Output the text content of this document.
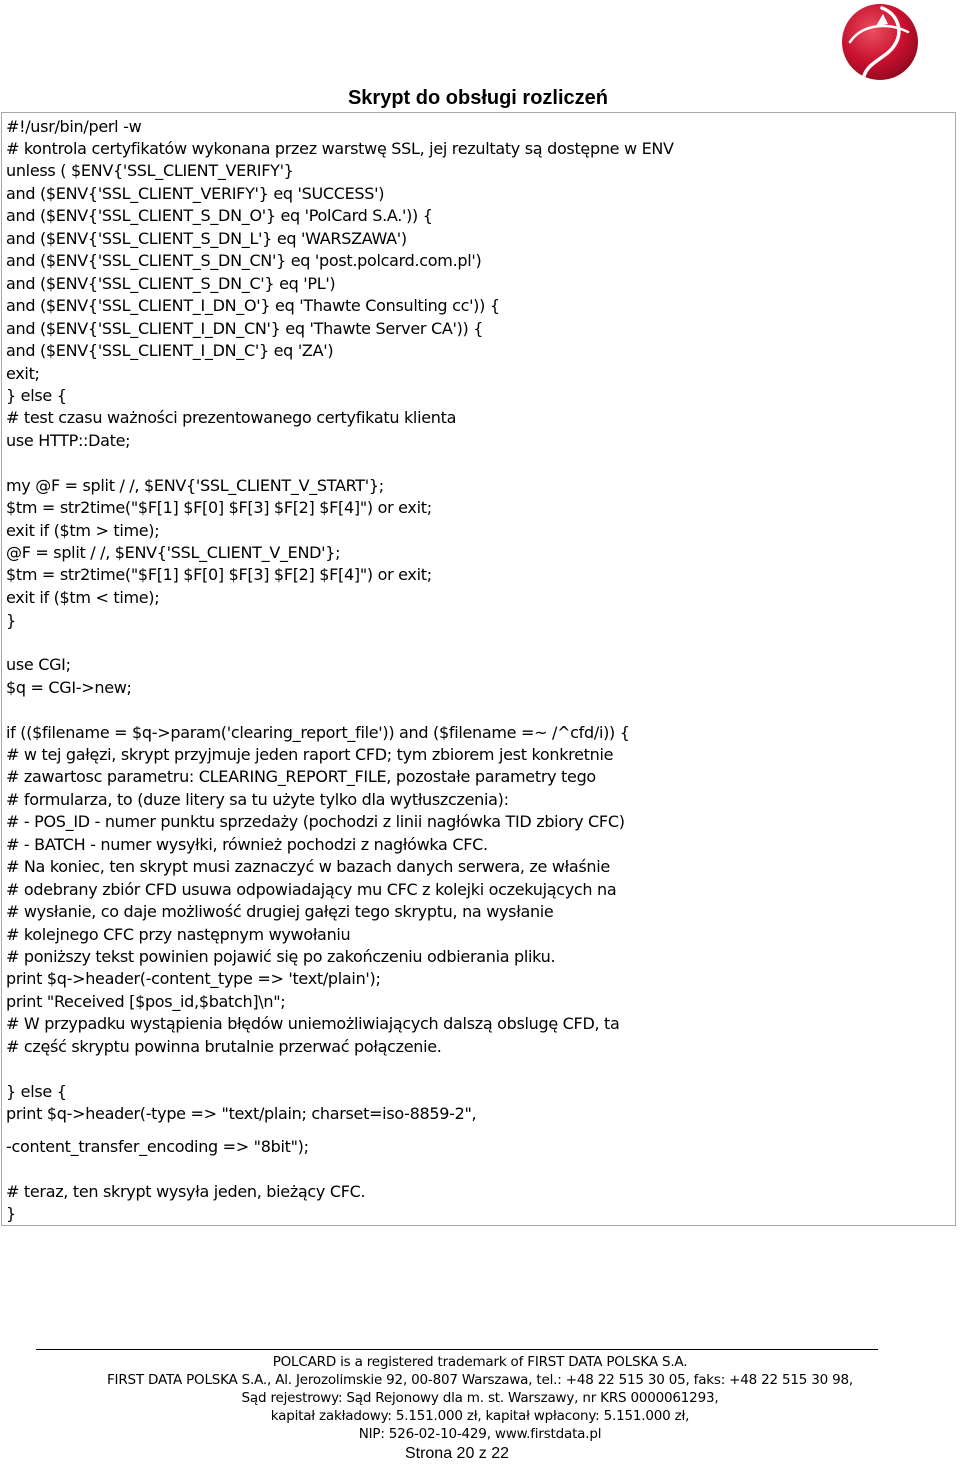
Skrypt do obsługi rozliczeń
#!/usr/bin/perl -w
# kontrola certyfikatów wykonana przez warstwę SSL, jej rezultaty są dostępne w ENV
unless ( $ENV{'SSL_CLIENT_VERIFY'}
and ($ENV{'SSL_CLIENT_VERIFY'} eq 'SUCCESS')
and ($ENV{'SSL_CLIENT_S_DN_O'} eq 'PolCard S.A.')) {
and ($ENV{'SSL_CLIENT_S_DN_L'} eq 'WARSZAWA')
and ($ENV{'SSL_CLIENT_S_DN_CN'} eq 'post.polcard.com.pl')
and ($ENV{'SSL_CLIENT_S_DN_C'} eq 'PL')
and ($ENV{'SSL_CLIENT_I_DN_O'} eq 'Thawte Consulting cc')) {
and ($ENV{'SSL_CLIENT_I_DN_CN'} eq 'Thawte Server CA')) {
and ($ENV{'SSL_CLIENT_I_DN_C'} eq 'ZA')
exit;
} else {
# test czasu ważności prezentowanego certyfikatu klienta
use HTTP::Date;
my @F = split / /, $ENV{'SSL_CLIENT_V_START'};
$tm = str2time("$F[1] $F[0] $F[3] $F[2] $F[4]") or exit;
exit if ($tm > time);
@F = split / /, $ENV{'SSL_CLIENT_V_END'};
$tm = str2time("$F[1] $F[0] $F[3] $F[2] $F[4]") or exit;
exit if ($tm < time);
}
use CGI;
$q = CGI->new;
if (($filename = $q->param('clearing_report_file')) and ($filename =~ /^cfd/i)) {
# w tej gałęzi, skrypt przyjmuje jeden raport CFD; tym zbiorem jest konkretnie
# zawartosc parametru: CLEARING_REPORT_FILE, pozostałe parametry tego
# formularza, to (duze litery sa tu użyte tylko dla wytłuszczenia):
# - POS_ID - numer punktu sprzedaży (pochodzi z linii nagłówka TID zbiory CFC)
# - BATCH - numer wysyłki, również pochodzi z nagłówka CFC.
# Na koniec, ten skrypt musi zaznaczyć w bazach danych serwera, ze właśnie
# odebrany zbiór CFD usuwa odpowiadający mu CFC z kolejki oczekujących na
# wysłanie, co daje możliwość drugiej gałęzi tego skryptu, na wysłanie
# kolejnego CFC przy następnym wywołaniu
# poniższy tekst powinien pojawić się po zakończeniu odbierania pliku.
print $q->header(-content_type => 'text/plain');
print "Received [$pos_id,$batch]\n";
# W przypadku wystąpienia błędów uniemożliwiających dalszą obslugę CFD, ta
# część skryptu powinna brutalnie przerwać połączenie.
} else {
print $q->header(-type => "text/plain; charset=iso-8859-2",
-content_transfer_encoding => "8bit");
# teraz, ten skrypt wysyła jeden, bieżący CFC.
}
POLCARD is a registered trademark of FIRST DATA POLSKA S.A.
FIRST DATA POLSKA S.A., Al. Jerozolimskie 92, 00-807 Warszawa, tel.: +48 22 515 30 05, faks: +48 22 515 30 98,
Sąd rejestrowy: Sąd Rejonowy dla m. st. Warszawy, nr KRS 0000061293,
kapitał zakładowy: 5.151.000 zł, kapitał wpłacony: 5.151.000 zł,
NIP: 526-02-10-429, www.firstdata.pl
Strona 20 z 22
